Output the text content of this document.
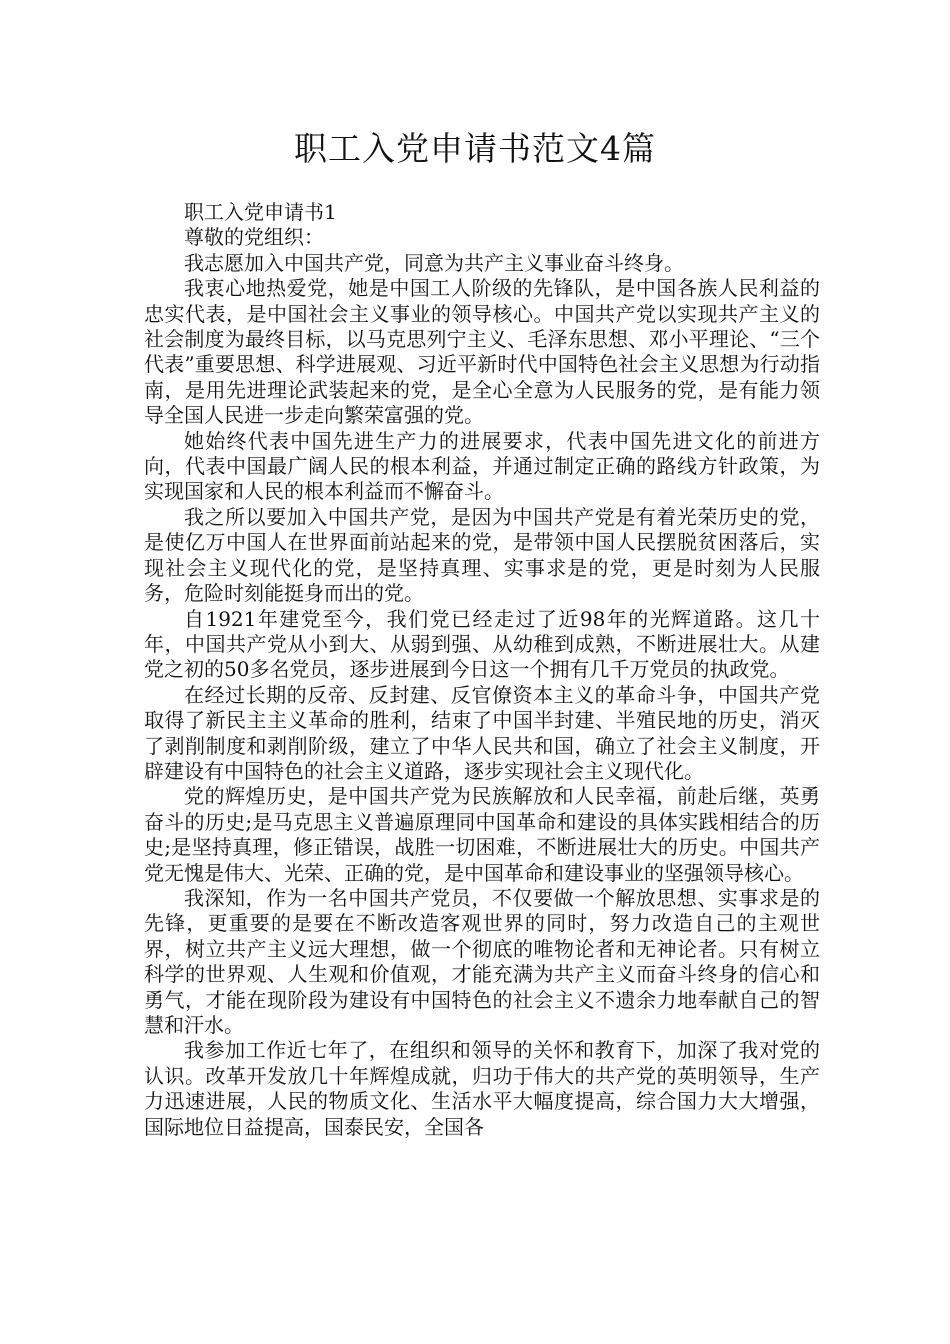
职工入党申请书范文4篇

职工入党申请书1

尊敬的党组织：

我志愿加入中国共产党，同意为共产主义事业奋斗终身。

我衷心地热爱党，她是中国工人阶级的先锋队，是中国各族人民利益的忠实代表，是中国社会主义事业的领导核心。中国共产党以实现共产主义的社会制度为最终目标，以马克思列宁主义、毛泽东思想、邓小平理论、“三个代表”重要思想、科学进展观、习近平新时代中国特色社会主义思想为行动指南，是用先进理论武装起来的党，是全心全意为人民服务的党，是有能力领导全国人民进一步走向繁荣富强的党。

她始终代表中国先进生产力的进展要求，代表中国先进文化的前进方向，代表中国最广阔人民的根本利益，并通过制定正确的路线方针政策，为实现国家和人民的根本利益而不懈奋斗。

我之所以要加入中国共产党，是因为中国共产党是有着光荣历史的党，是使亿万中国人在世界面前站起来的党，是带领中国人民摆脱贫困落后，实现社会主义现代化的党，是坚持真理、实事求是的党，更是时刻为人民服务，危险时刻能挺身而出的党。

自1921年建党至今，我们党已经走过了近98年的光辉道路。这几十年，中国共产党从小到大、从弱到强、从幼稚到成熟，不断进展壮大。从建党之初的50多名党员，逐步进展到今日这一个拥有几千万党员的执政党。

在经过长期的反帝、反封建、反官僚资本主义的革命斗争，中国共产党取得了新民主主义革命的胜利，结束了中国半封建、半殖民地的历史，消灭了剥削制度和剥削阶级，建立了中华人民共和国，确立了社会主义制度，开辟建设有中国特色的社会主义道路，逐步实现社会主义现代化。

党的辉煌历史，是中国共产党为民族解放和人民幸福，前赴后继，英勇奋斗的历史;是马克思主义普遍原理同中国革命和建设的具体实践相结合的历史;是坚持真理，修正错误，战胜一切困难，不断进展壮大的历史。中国共产党无愧是伟大、光荣、正确的党，是中国革命和建设事业的坚强领导核心。

我深知，作为一名中国共产党员，不仅要做一个解放思想、实事求是的先锋，更重要的是要在不断改造客观世界的同时，努力改造自己的主观世界，树立共产主义远大理想，做一个彻底的唯物论者和无神论者。只有树立科学的世界观、人生观和价值观，才能充满为共产主义而奋斗终身的信心和勇气，才能在现阶段为建设有中国特色的社会主义不遗余力地奉献自己的智慧和汗水。

我参加工作近七年了，在组织和领导的关怀和教育下，加深了我对党的认识。改革开发放几十年辉煌成就，归功于伟大的共产党的英明领导，生产力迅速进展，人民的物质文化、生活水平大幅度提高，综合国力大大增强，国际地位日益提高，国泰民安，全国各
